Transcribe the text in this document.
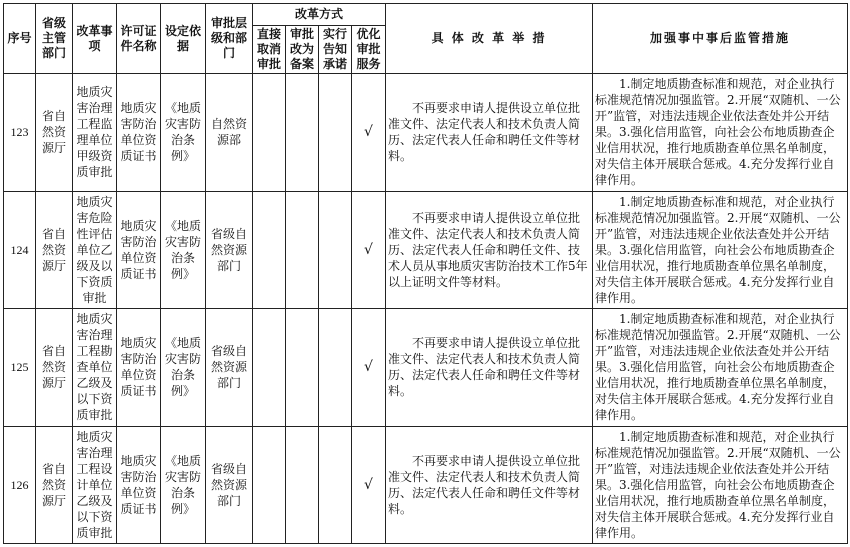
序号	省级主管部门	改革事项	许可证件名称	设定依据	审批层级和部门	改革方式				具 体 改 革 举 措	加强事中事后监管措施
						直接取消审批	审批改为备案	实行告知承诺	优化审批服务		
123	省自然资源厅	地质灾害治理工程监理单位甲级资质审批	地质灾害防治单位资质证书	《地质灾害防治条例》	自然资源部				√	不再要求申请人提供设立单位批准文件、法定代表人和技术负责人简历、法定代表人任命和聘任文件等材料。	1.制定地质勘查标准和规范，对企业执行标准规范情况加强监管。2.开展“双随机、一公开”监管，对违法违规企业依法查处并公开结果。3.强化信用监管，向社会公布地质勘查企业信用状况，推行地质勘查单位黑名单制度，对失信主体开展联合惩戒。4.充分发挥行业自律作用。
124	省自然资源厅	地质灾害危险性评估单位乙级及以下资质审批	地质灾害防治单位资质证书	《地质灾害防治条例》	省级自然资源部门				√	不再要求申请人提供设立单位批准文件、法定代表人和技术负责人简历、法定代表人任命和聘任文件、技术人员从事地质灾害防治技术工作5年以上证明文件等材料。	1.制定地质勘查标准和规范，对企业执行标准规范情况加强监管。2.开展“双随机、一公开”监管，对违法违规企业依法查处并公开结果。3.强化信用监管，向社会公布地质勘查企业信用状况，推行地质勘查单位黑名单制度，对失信主体开展联合惩戒。4.充分发挥行业自律作用。
125	省自然资源厅	地质灾害治理工程勘查单位乙级及以下资质审批	地质灾害防治单位资质证书	《地质灾害防治条例》	省级自然资源部门				√	不再要求申请人提供设立单位批准文件、法定代表人和技术负责人简历、法定代表人任命和聘任文件等材料。	1.制定地质勘查标准和规范，对企业执行标准规范情况加强监管。2.开展“双随机、一公开”监管，对违法违规企业依法查处并公开结果。3.强化信用监管，向社会公布地质勘查企业信用状况，推行地质勘查单位黑名单制度，对失信主体开展联合惩戒。4.充分发挥行业自律作用。
126	省自然资源厅	地质灾害治理工程设计单位乙级及以下资质审批	地质灾害防治单位资质证书	《地质灾害防治条例》	省级自然资源部门				√	不再要求申请人提供设立单位批准文件、法定代表人和技术负责人简历、法定代表人任命和聘任文件等材料。	1.制定地质勘查标准和规范，对企业执行标准规范情况加强监管。2.开展“双随机、一公开”监管，对违法违规企业依法查处并公开结果。3.强化信用监管，向社会公布地质勘查企业信用状况，推行地质勘查单位黑名单制度，对失信主体开展联合惩戒。4.充分发挥行业自律作用。
